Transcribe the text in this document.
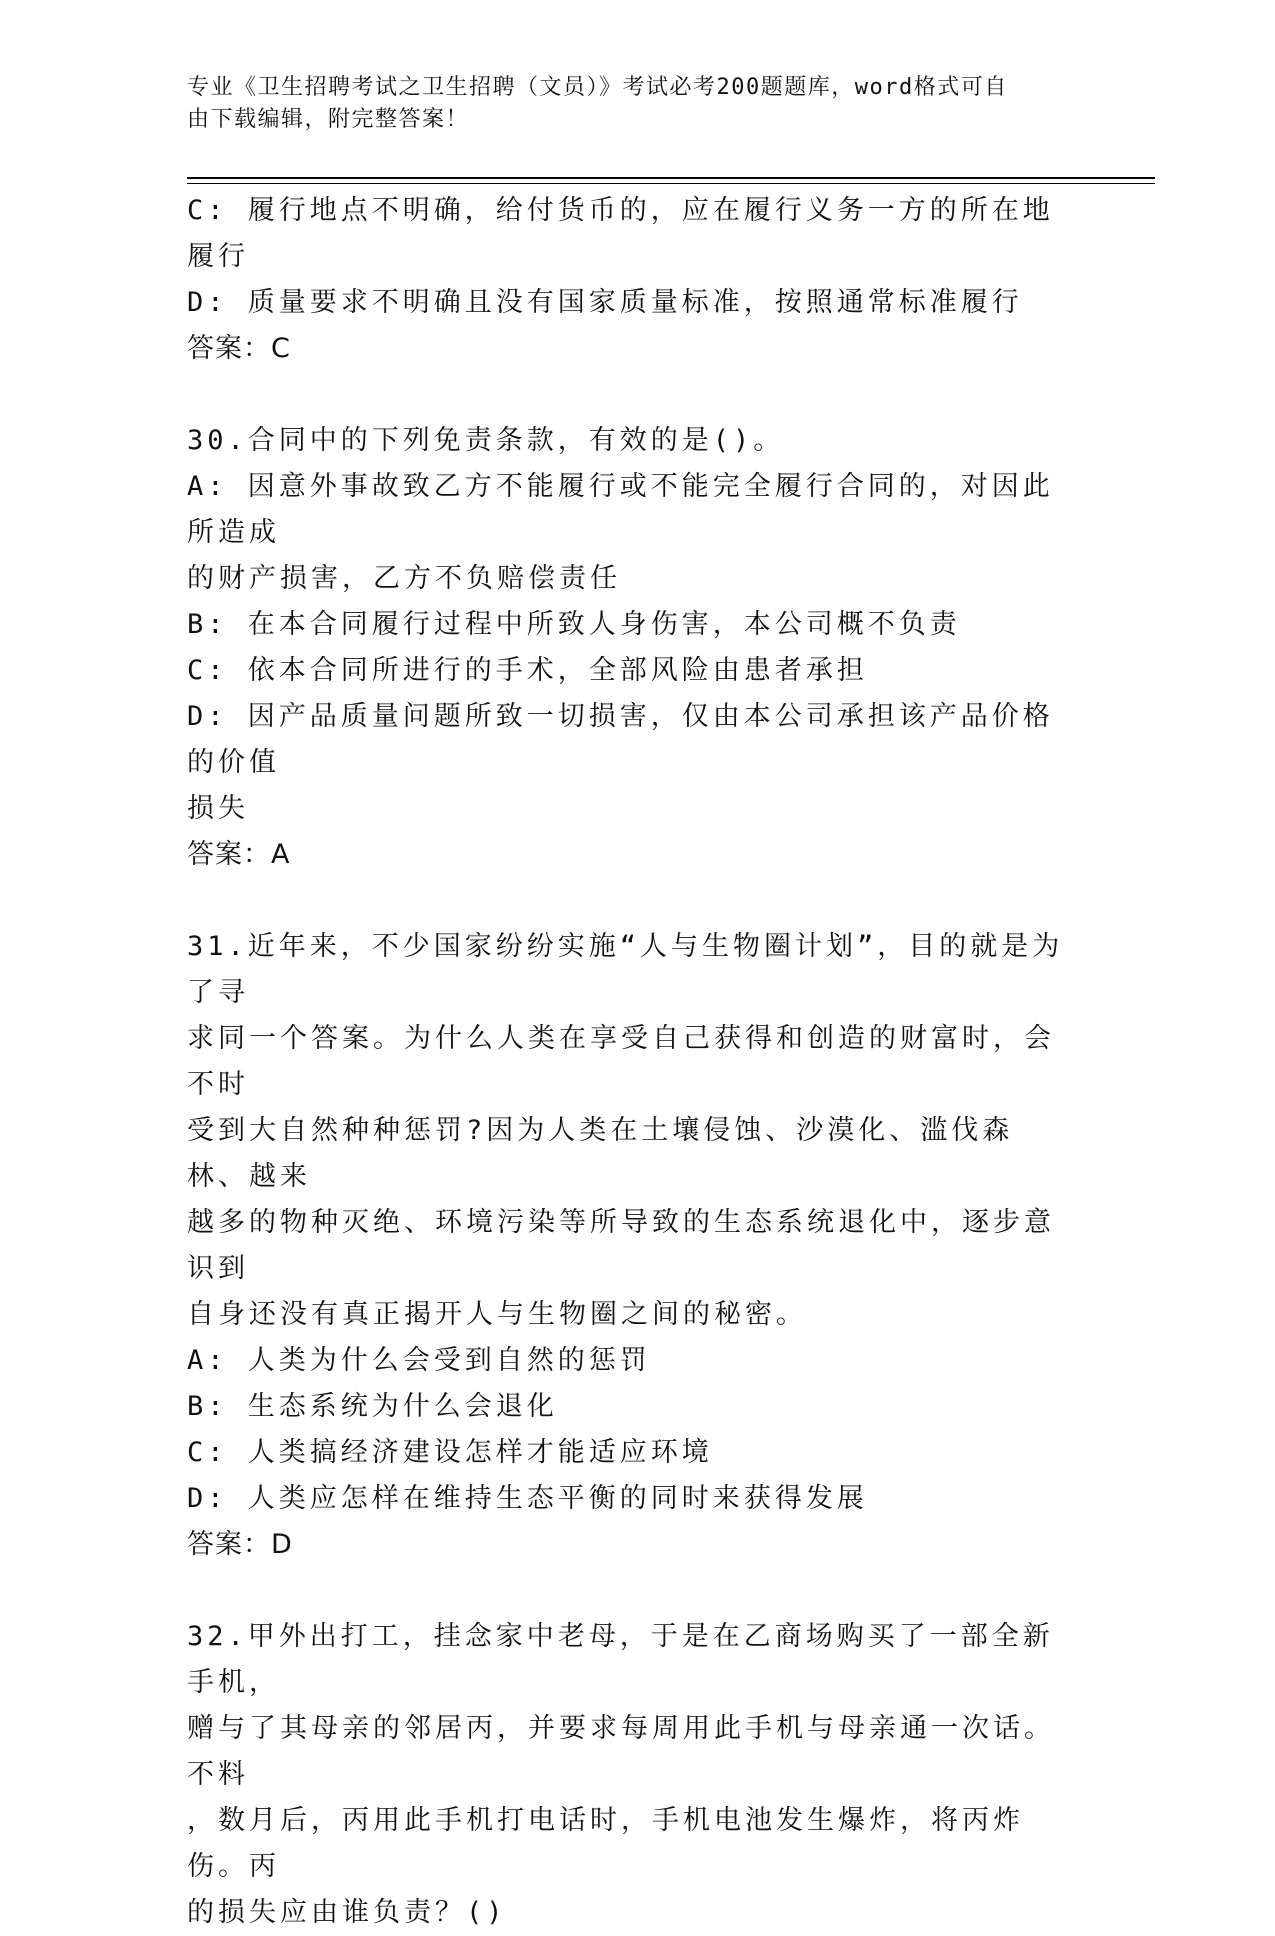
专业《卫生招聘考试之卫生招聘（文员）》考试必考200题题库，word格式可自
由下载编辑，附完整答案！
C: 履行地点不明确，给付货币的，应在履行义务一方的所在地履行
D: 质量要求不明确且没有国家质量标准，按照通常标准履行
答案：C
30.合同中的下列免责条款，有效的是()。
A: 因意外事故致乙方不能履行或不能完全履行合同的，对因此所造成
的财产损害，乙方不负赔偿责任
B: 在本合同履行过程中所致人身伤害，本公司概不负责
C: 依本合同所进行的手术，全部风险由患者承担
D: 因产品质量问题所致一切损害，仅由本公司承担该产品价格的价值
损失
答案：A
31.近年来，不少国家纷纷实施“人与生物圈计划”，目的就是为了寻
求同一个答案。为什么人类在享受自己获得和创造的财富时，会不时
受到大自然种种惩罚?因为人类在土壤侵蚀、沙漠化、滥伐森林、越来
越多的物种灭绝、环境污染等所导致的生态系统退化中，逐步意识到
自身还没有真正揭开人与生物圈之间的秘密。
A: 人类为什么会受到自然的惩罚
B: 生态系统为什么会退化
C: 人类搞经济建设怎样才能适应环境
D: 人类应怎样在维持生态平衡的同时来获得发展
答案：D
32.甲外出打工，挂念家中老母，于是在乙商场购买了一部全新手机，
赠与了其母亲的邻居丙，并要求每周用此手机与母亲通一次话。不料
，数月后，丙用此手机打电话时，手机电池发生爆炸，将丙炸伤。丙
的损失应由谁负责？()
